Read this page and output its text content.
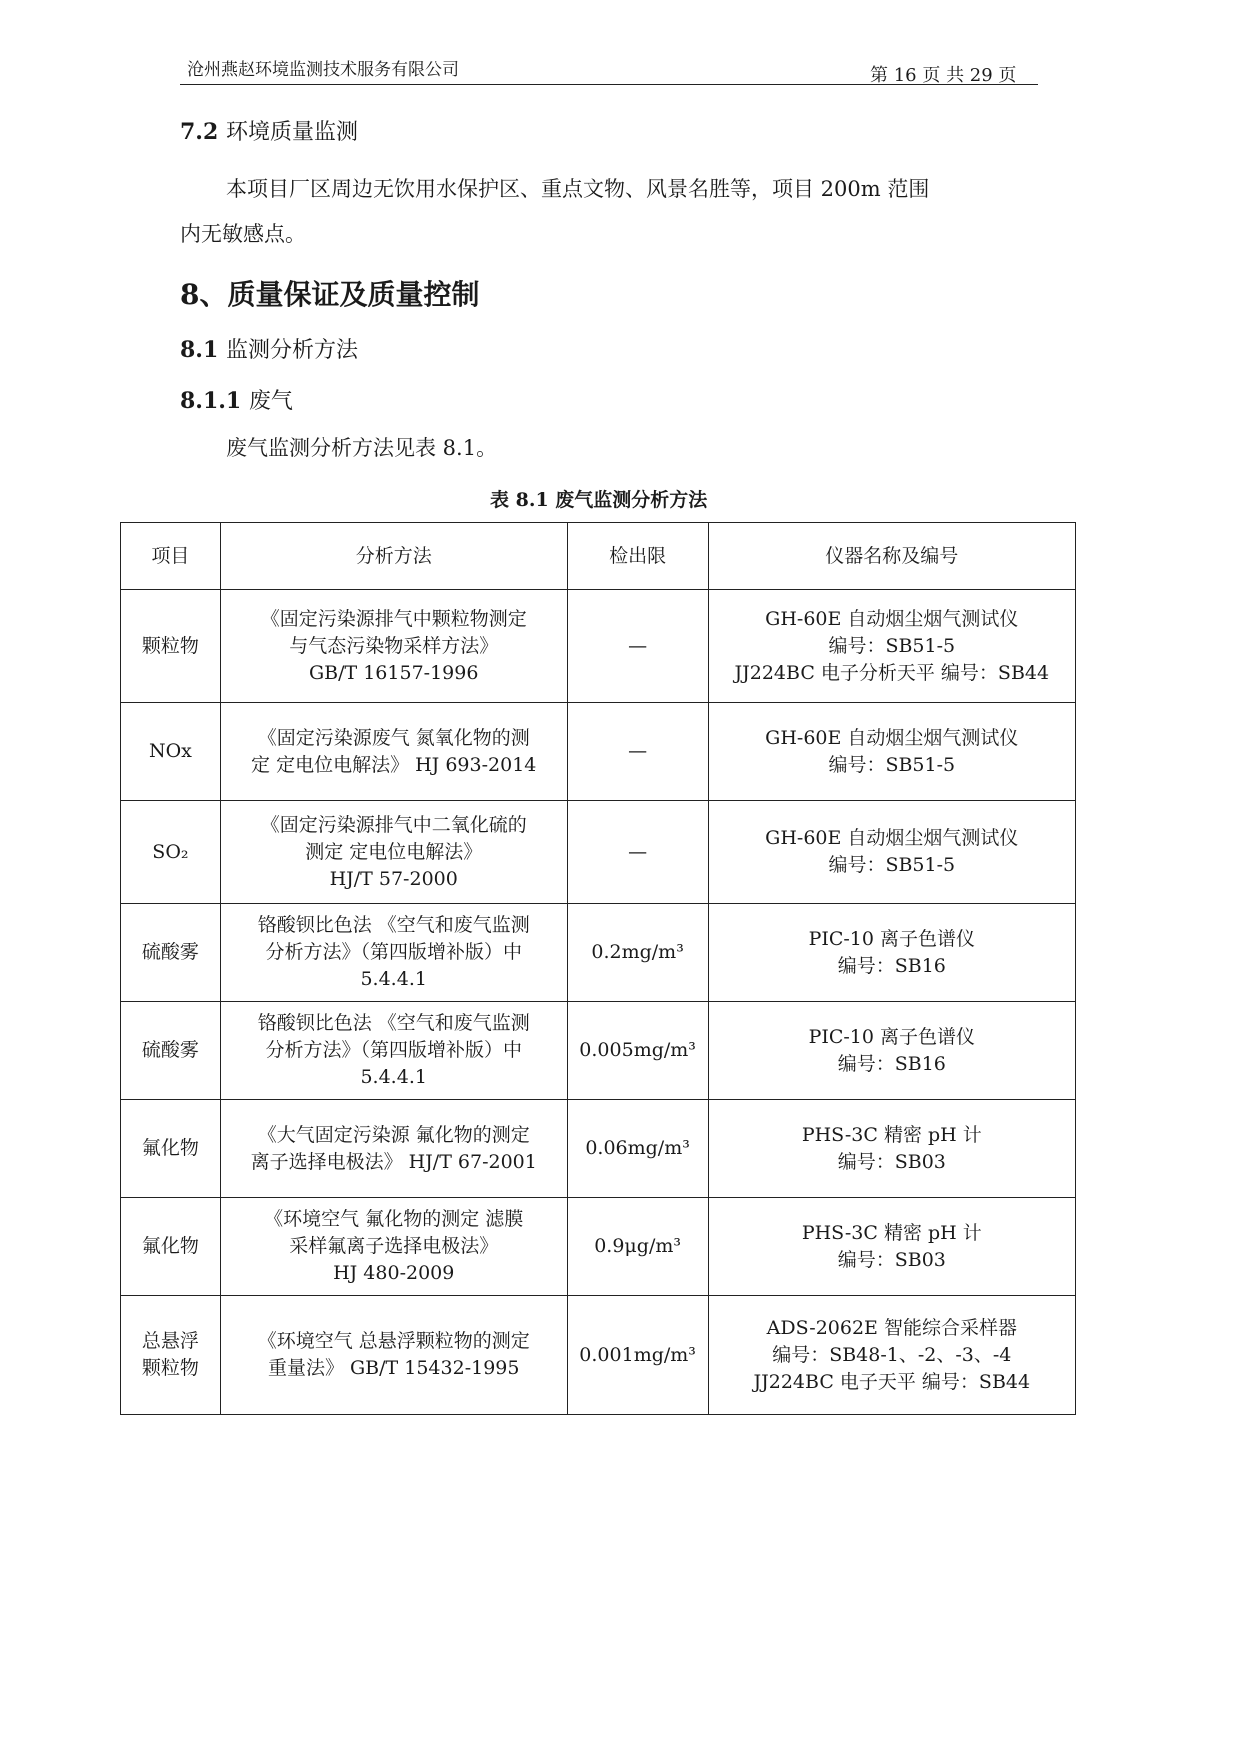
沧州燕赵环境监测技术服务有限公司	第 16 页 共 29 页
7.2 环境质量监测
本项目厂区周边无饮用水保护区、重点文物、风景名胜等，项目 200m 范围
内无敏感点。
8、质量保证及质量控制
8.1 监测分析方法
8.1.1 废气
废气监测分析方法见表 8.1。
表 8.1 废气监测分析方法
项目	分析方法	检出限	仪器名称及编号

颗粒物	《固定污染源排气中颗粒物测定
与气态污染物采样方法》
GB/T 16157-1996	—	GH-60E 自动烟尘烟气测试仪
编号：SB51-5
JJ224BC 电子分析天平 编号：SB44

NOx	《固定污染源废气 氮氧化物的测
定 定电位电解法》 HJ 693-2014	—	GH-60E 自动烟尘烟气测试仪
编号：SB51-5

SO₂	《固定污染源排气中二氧化硫的
测定 定电位电解法》
HJ/T 57-2000	—	GH-60E 自动烟尘烟气测试仪
编号：SB51-5

硫酸雾	铬酸钡比色法 《空气和废气监测
分析方法》（第四版增补版）中
5.4.4.1	0.2mg/m³	PIC-10 离子色谱仪
编号：SB16

硫酸雾	铬酸钡比色法 《空气和废气监测
分析方法》（第四版增补版）中
5.4.4.1	0.005mg/m³	PIC-10 离子色谱仪
编号：SB16

氟化物	《大气固定污染源 氟化物的测定
离子选择电极法》 HJ/T 67-2001	0.06mg/m³	PHS-3C 精密 pH 计
编号：SB03

氟化物	《环境空气 氟化物的测定 滤膜
采样氟离子选择电极法》
HJ 480-2009	0.9μg/m³	PHS-3C 精密 pH 计
编号：SB03

总悬浮
颗粒物	《环境空气 总悬浮颗粒物的测定
重量法》 GB/T 15432-1995	0.001mg/m³	ADS-2062E 智能综合采样器
编号：SB48-1、-2、-3、-4
JJ224BC 电子天平 编号：SB44
